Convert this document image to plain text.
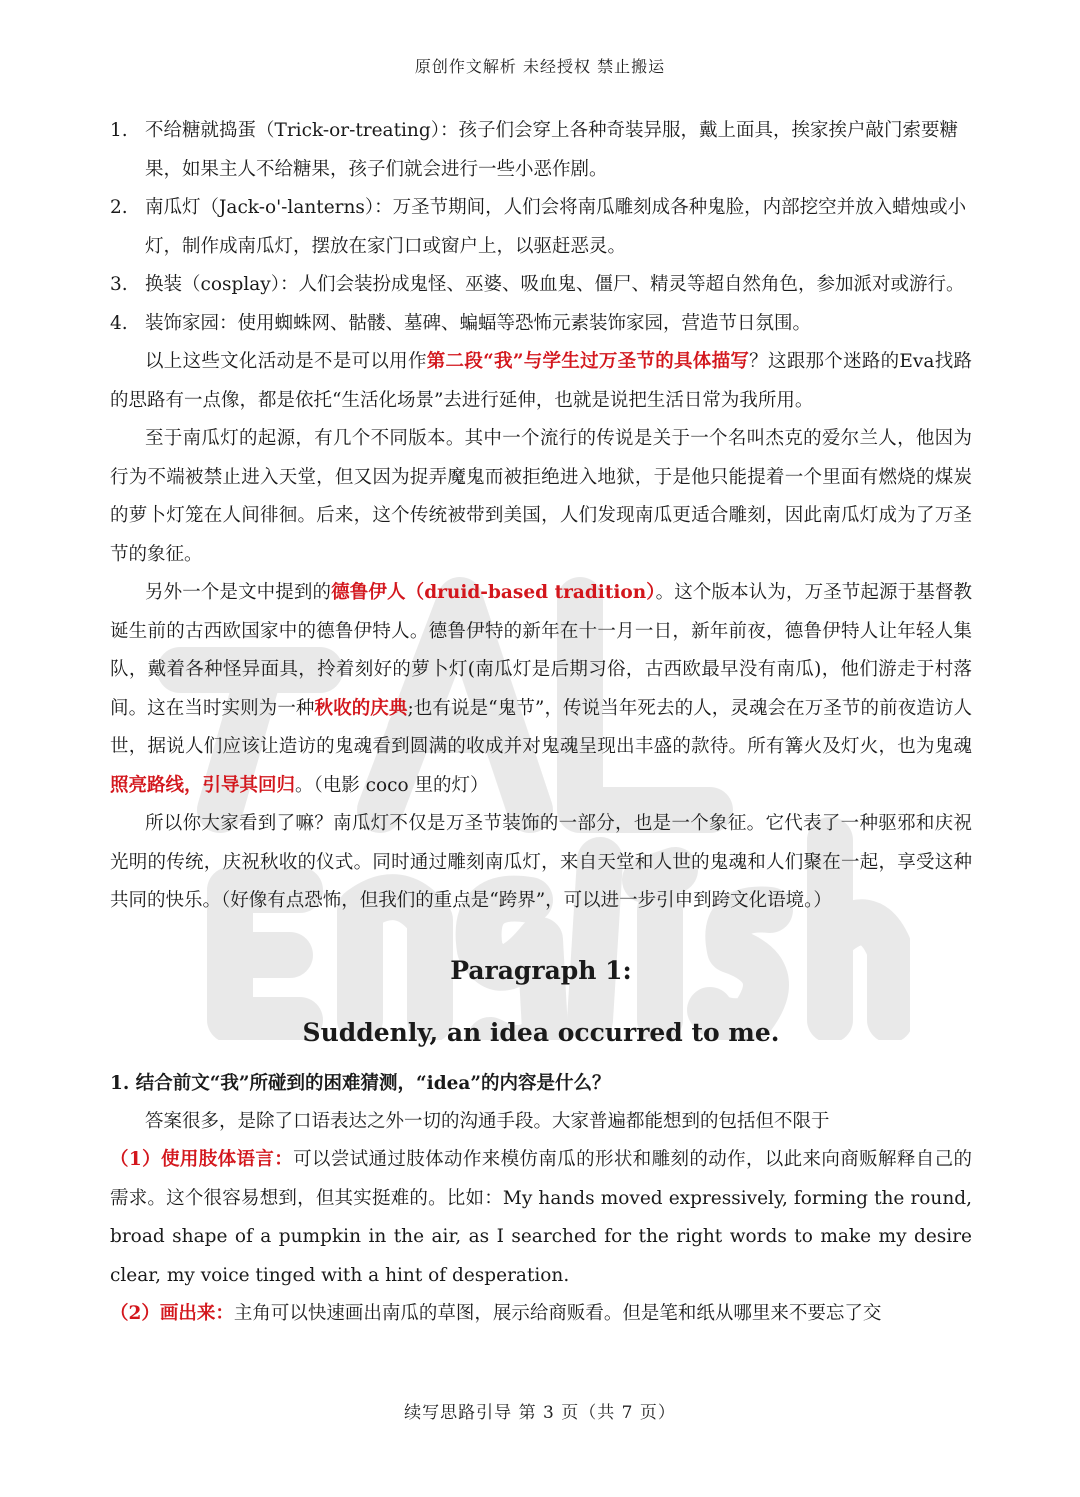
原创作文解析 未经授权 禁止搬运
1. 不给糖就捣蛋（Trick-or-treating）：孩子们会穿上各种奇装异服，戴上面具，挨家挨户敲门索要糖果，如果主人不给糖果，孩子们就会进行一些小恶作剧。
2. 南瓜灯（Jack-o'-lanterns）：万圣节期间，人们会将南瓜雕刻成各种鬼脸，内部挖空并放入蜡烛或小灯，制作成南瓜灯，摆放在家门口或窗户上，以驱赶恶灵。
3. 换装（cosplay）：人们会装扮成鬼怪、巫婆、吸血鬼、僵尸、精灵等超自然角色，参加派对或游行。
4. 装饰家园：使用蜘蛛网、骷髅、墓碑、蝙蝠等恐怖元素装饰家园，营造节日氛围。

以上这些文化活动是不是可以用作第二段“我”与学生过万圣节的具体描写？这跟那个迷路的Eva找路的思路有一点像，都是依托“生活化场景”去进行延伸，也就是说把生活日常为我所用。

至于南瓜灯的起源，有几个不同版本。其中一个流行的传说是关于一个名叫杰克的爱尔兰人，他因为行为不端被禁止进入天堂，但又因为捉弄魔鬼而被拒绝进入地狱，于是他只能提着一个里面有燃烧的煤炭的萝卜灯笼在人间徘徊。后来，这个传统被带到美国，人们发现南瓜更适合雕刻，因此南瓜灯成为了万圣节的象征。

另外一个是文中提到的德鲁伊人（druid-based tradition）。这个版本认为，万圣节起源于基督教诞生前的古西欧国家中的德鲁伊特人。德鲁伊特的新年在十一月一日，新年前夜，德鲁伊特人让年轻人集队，戴着各种怪异面具，拎着刻好的萝卜灯(南瓜灯是后期习俗，古西欧最早没有南瓜)，他们游走于村落间。这在当时实则为一种秋收的庆典;也有说是“鬼节”，传说当年死去的人，灵魂会在万圣节的前夜造访人世，据说人们应该让造访的鬼魂看到圆满的收成并对鬼魂呈现出丰盛的款待。所有篝火及灯火，也为鬼魂照亮路线，引导其回归。（电影 coco 里的灯）

所以你大家看到了嘛？南瓜灯不仅是万圣节装饰的一部分，也是一个象征。它代表了一种驱邪和庆祝光明的传统，庆祝秋收的仪式。同时通过雕刻南瓜灯，来自天堂和人世的鬼魂和人们聚在一起，享受这种共同的快乐。（好像有点恐怖，但我们的重点是“跨界”，可以进一步引申到跨文化语境。）

Paragraph 1:

Suddenly, an idea occurred to me.

1. 结合前文“我”所碰到的困难猜测，“idea”的内容是什么？
答案很多，是除了口语表达之外一切的沟通手段。大家普遍都能想到的包括但不限于
（1）使用肢体语言：可以尝试通过肢体动作来模仿南瓜的形状和雕刻的动作，以此来向商贩解释自己的需求。这个很容易想到，但其实挺难的。比如：My hands moved expressively, forming the round, broad shape of a pumpkin in the air, as I searched for the right words to make my desire clear, my voice tinged with a hint of desperation.
（2）画出来：主角可以快速画出南瓜的草图，展示给商贩看。但是笔和纸从哪里来不要忘了交
续写思路引导 第 3 页（共 7 页）
